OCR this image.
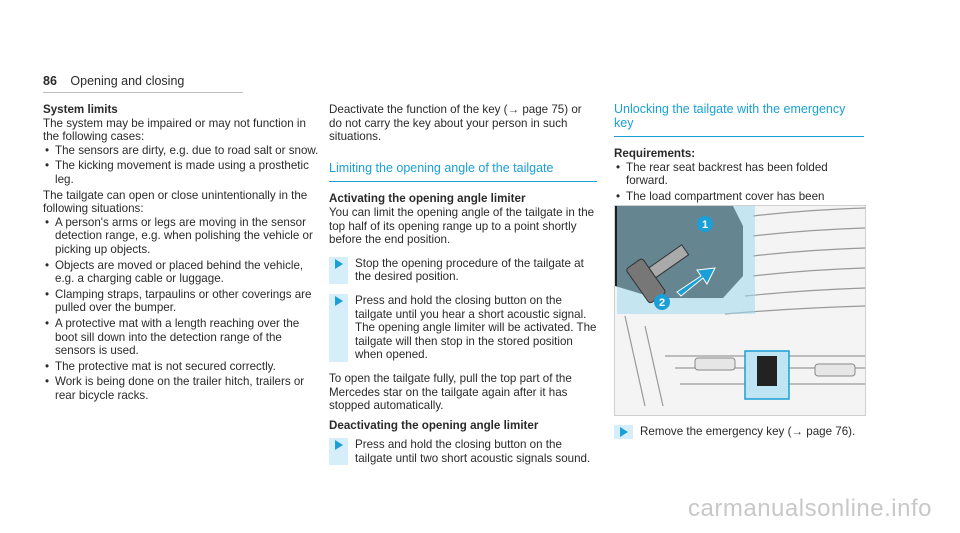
86 Opening and closing

System limits

The system may be impaired or may not function in the following cases:

• The sensors are dirty, e.g. due to road salt or snow.
• The kicking movement is made using a prosthetic leg.

The tailgate can open or close unintentionally in the following situations:

• A person's arms or legs are moving in the sensor detection range, e.g. when polishing the vehicle or picking up objects.
• Objects are moved or placed behind the vehicle, e.g. a charging cable or luggage.
• Clamping straps, tarpaulins or other coverings are pulled over the bumper.
• A protective mat with a length reaching over the boot sill down into the detection range of the sensors is used.
• The protective mat is not secured correctly.
• Work is being done on the trailer hitch, trailers or rear bicycle racks.

Deactivate the function of the key (→ page 75) or do not carry the key about your person in such situations.

Limiting the opening angle of the tailgate

Activating the opening angle limiter

You can limit the opening angle of the tailgate in the top half of its opening range up to a point shortly before the end position.

Stop the opening procedure of the tailgate at the desired position.
Press and hold the closing button on the tailgate until you hear a short acoustic signal. The opening angle limiter will be activated. The tailgate will then stop in the stored position when opened.

To open the tailgate fully, pull the top part of the Mercedes star on the tailgate again after it has stopped automatically.

Deactivating the opening angle limiter

Press and hold the closing button on the tailgate until two short acoustic signals sound.
Unlocking the tailgate with the emergency key

Requirements:

• The rear seat backrest has been folded forward.
• The load compartment cover has been
1
2
Remove the emergency key (→ page 76).
carmanualsonline.info
